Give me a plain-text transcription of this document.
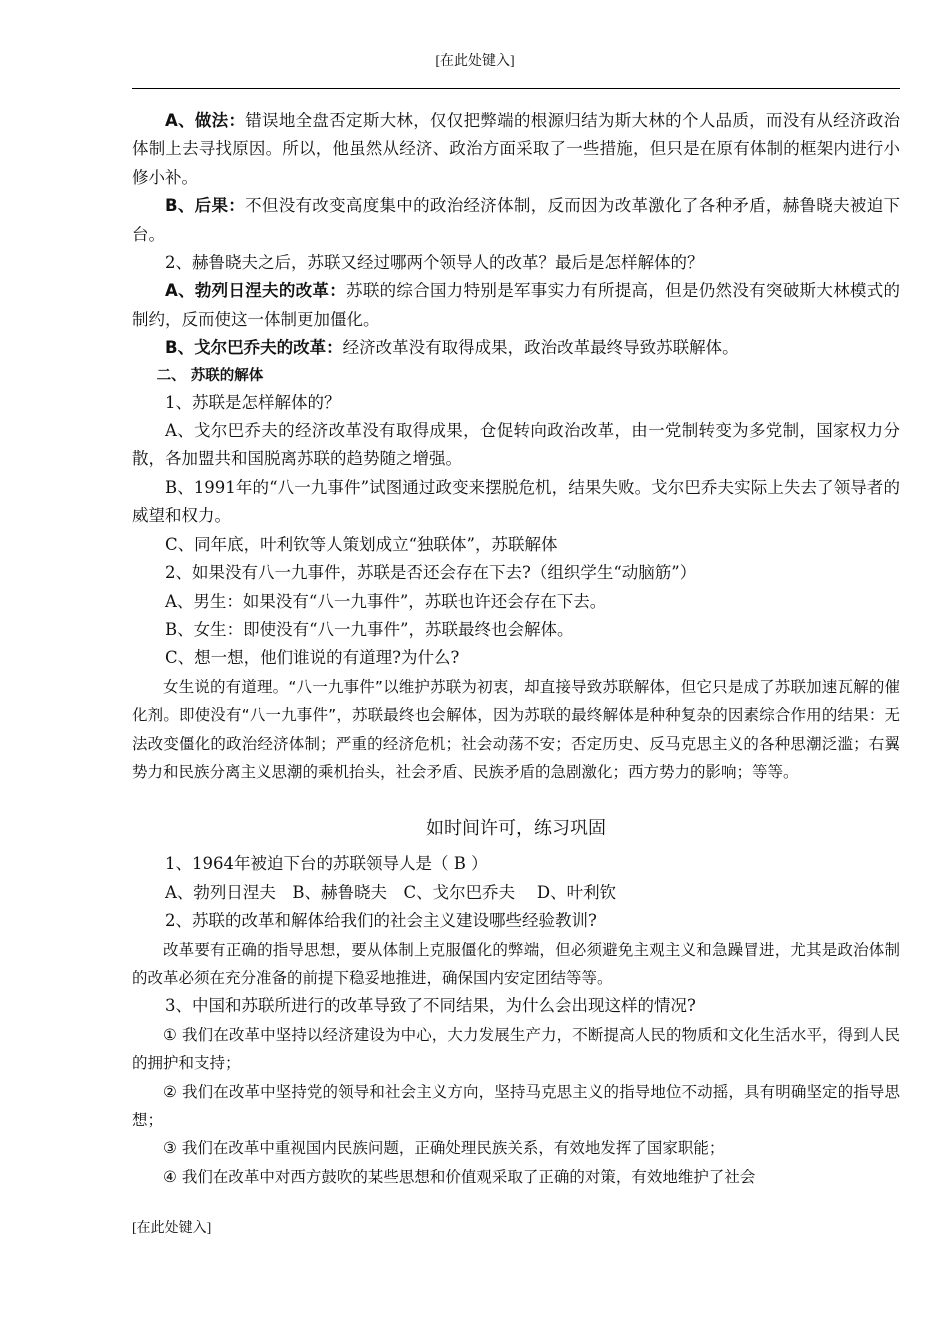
[在此处键入]

A、做法：错误地全盘否定斯大林，仅仅把弊端的根源归结为斯大林的个人品质，而没有从经济政治体制上去寻找原因。所以，他虽然从经济、政治方面采取了一些措施，但只是在原有体制的框架内进行小修小补。

B、后果：不但没有改变高度集中的政治经济体制，反而因为改革激化了各种矛盾，赫鲁晓夫被迫下台。

2、赫鲁晓夫之后，苏联又经过哪两个领导人的改革？最后是怎样解体的？

A、勃列日涅夫的改革：苏联的综合国力特别是军事实力有所提高，但是仍然没有突破斯大林模式的制约，反而使这一体制更加僵化。

B、戈尔巴乔夫的改革：经济改革没有取得成果，政治改革最终导致苏联解体。

二、 苏联的解体

1、苏联是怎样解体的？

A、戈尔巴乔夫的经济改革没有取得成果，仓促转向政治改革，由一党制转变为多党制，国家权力分散，各加盟共和国脱离苏联的趋势随之增强。

B、1991年的“八一九事件”试图通过政变来摆脱危机，结果失败。戈尔巴乔夫实际上失去了领导者的威望和权力。

C、同年底，叶利钦等人策划成立“独联体”，苏联解体

2、如果没有八一九事件，苏联是否还会存在下去?（组织学生“动脑筋”）

A、男生：如果没有“八一九事件”，苏联也许还会存在下去。

B、女生：即使没有“八一九事件”，苏联最终也会解体。

C、想一想，他们谁说的有道理?为什么?

女生说的有道理。“八一九事件”以维护苏联为初衷，却直接导致苏联解体，但它只是成了苏联加速瓦解的催化剂。即使没有“八一九事件”，苏联最终也会解体，因为苏联的最终解体是种种复杂的因素综合作用的结果：无法改变僵化的政治经济体制；严重的经济危机；社会动荡不安；否定历史、反马克思主义的各种思潮泛滥；右翼势力和民族分离主义思潮的乘机抬头，社会矛盾、民族矛盾的急剧激化；西方势力的影响；等等。

如时间许可，练习巩固

1、1964年被迫下台的苏联领导人是（ B ）

A、勃列日涅夫　B、赫鲁晓夫　C、戈尔巴乔夫　 D、叶利钦

2、苏联的改革和解体给我们的社会主义建设哪些经验教训?

改革要有正确的指导思想，要从体制上克服僵化的弊端，但必须避免主观主义和急躁冒进，尤其是政治体制的改革必须在充分准备的前提下稳妥地推进，确保国内安定团结等等。

3、中国和苏联所进行的改革导致了不同结果，为什么会出现这样的情况?

① 我们在改革中坚持以经济建设为中心，大力发展生产力，不断提高人民的物质和文化生活水平，得到人民的拥护和支持；

② 我们在改革中坚持党的领导和社会主义方向，坚持马克思主义的指导地位不动摇，具有明确坚定的指导思想；

③ 我们在改革中重视国内民族问题，正确处理民族关系，有效地发挥了国家职能；

④ 我们在改革中对西方鼓吹的某些思想和价值观采取了正确的对策，有效地维护了社会

[在此处键入]
